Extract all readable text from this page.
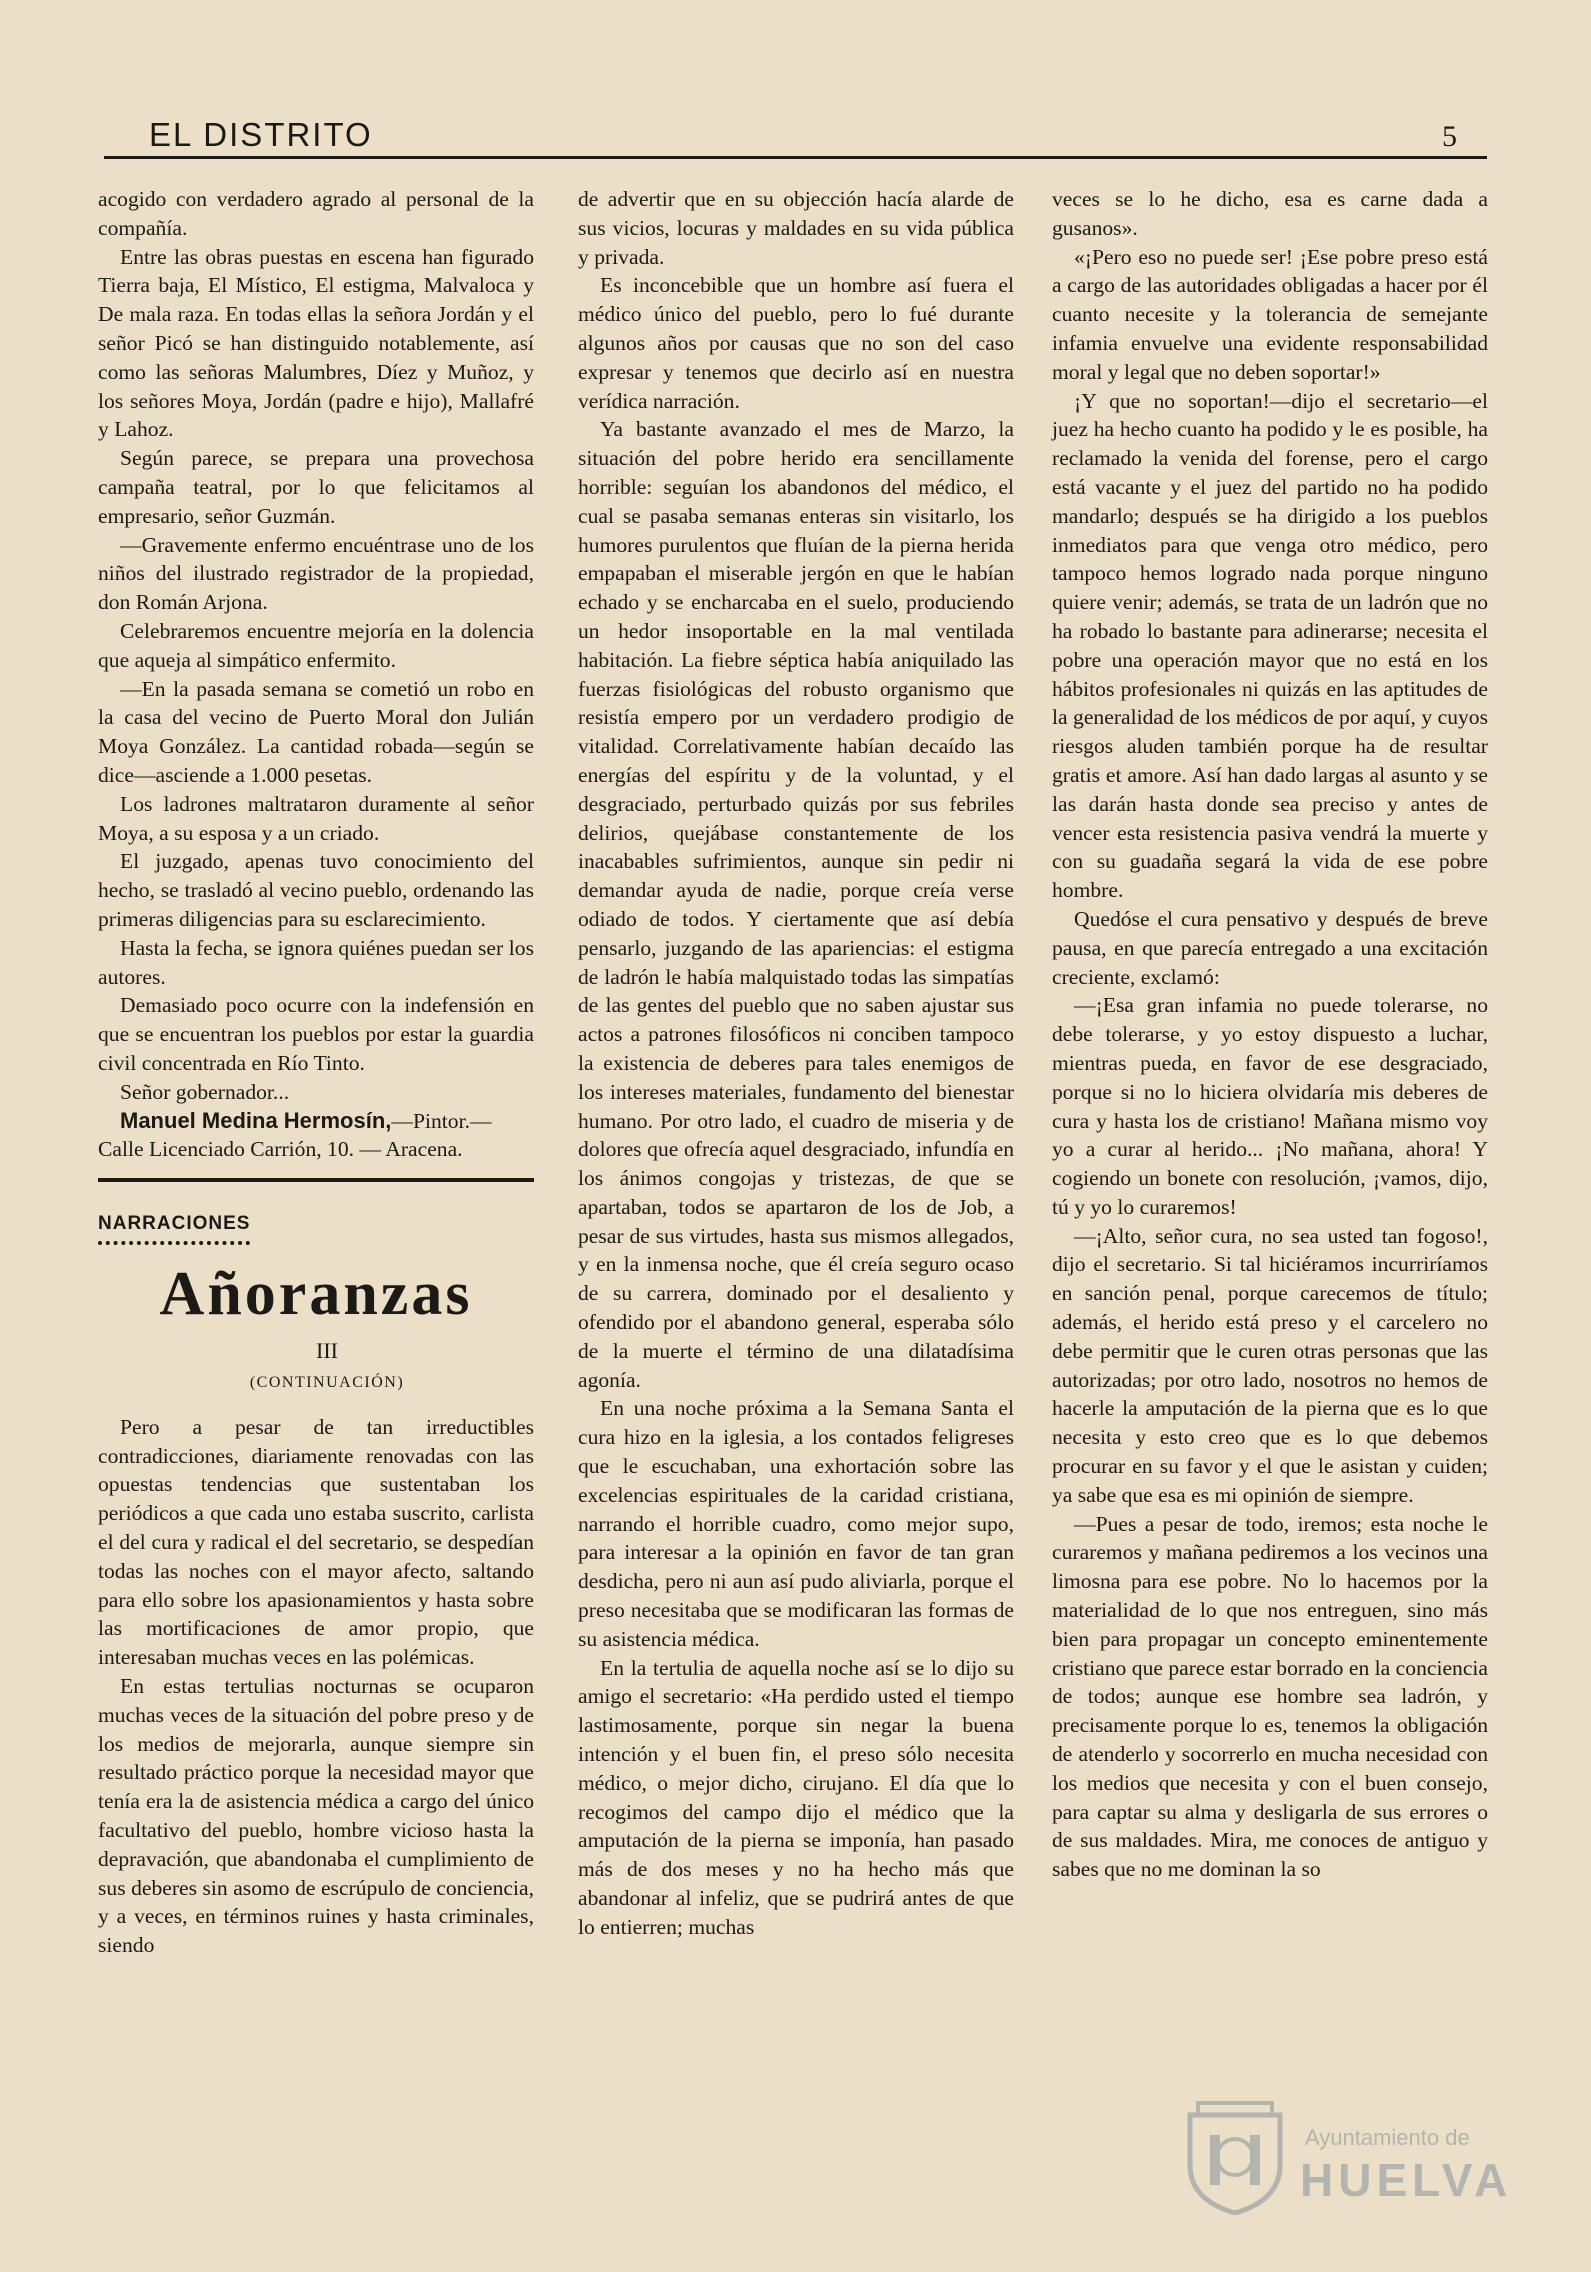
EL DISTRITO	5

acogido con verdadero agrado al personal de la compañía.

Entre las obras puestas en escena han figurado Tierra baja, El Místico, El estigma, Malvaloca y De mala raza. En todas ellas la señora Jordán y el señor Picó se han distinguido notablemente, así como las señoras Malumbres, Díez y Muñoz, y los señores Moya, Jordán (padre e hijo), Mallafré y Lahoz.

Según parece, se prepara una provechosa campaña teatral, por lo que felicitamos al empresario, señor Guzmán.

—Gravemente enfermo encuéntrase uno de los niños del ilustrado registrador de la propiedad, don Román Arjona.

Celebraremos encuentre mejoría en la dolencia que aqueja al simpático enfermito.

—En la pasada semana se cometió un robo en la casa del vecino de Puerto Moral don Julián Moya González. La cantidad robada—según se dice—asciende a 1.000 pesetas.

Los ladrones maltrataron duramente al señor Moya, a su esposa y a un criado.

El juzgado, apenas tuvo conocimiento del hecho, se trasladó al vecino pueblo, ordenando las primeras diligencias para su esclarecimiento.

Hasta la fecha, se ignora quiénes puedan ser los autores.

Demasiado poco ocurre con la indefensión en que se encuentran los pueblos por estar la guardia civil concentrada en Río Tinto.

Señor gobernador...

Manuel Medina Hermosín,—Pintor.—

Calle Licenciado Carrión, 10. — Aracena.

NARRACIONES
Añoranzas

III

(CONTINUACIÓN)

Pero a pesar de tan irreductibles contradicciones, diariamente renovadas con las opuestas tendencias que sustentaban los periódicos a que cada uno estaba suscrito, carlista el del cura y radical el del secretario, se despedían todas las noches con el mayor afecto, saltando para ello sobre los apasionamientos y hasta sobre las mortificaciones de amor propio, que interesaban muchas veces en las polémicas.

En estas tertulias nocturnas se ocuparon muchas veces de la situación del pobre preso y de los medios de mejorarla, aunque siempre sin resultado práctico porque la necesidad mayor que tenía era la de asistencia médica a cargo del único facultativo del pueblo, hombre vicioso hasta la depravación, que abandonaba el cumplimiento de sus deberes sin asomo de escrúpulo de conciencia, y a veces, en términos ruines y hasta criminales, siendo

de advertir que en su objección hacía alarde de sus vicios, locuras y maldades en su vida pública y privada.

Es inconcebible que un hombre así fuera el médico único del pueblo, pero lo fué durante algunos años por causas que no son del caso expresar y tenemos que decirlo así en nuestra verídica narración.

Ya bastante avanzado el mes de Marzo, la situación del pobre herido era sencillamente horrible: seguían los abandonos del médico, el cual se pasaba semanas enteras sin visitarlo, los humores purulentos que fluían de la pierna herida empapaban el miserable jergón en que le habían echado y se encharcaba en el suelo, produciendo un hedor insoportable en la mal ventilada habitación. La fiebre séptica había aniquilado las fuerzas fisiológicas del robusto organismo que resistía empero por un verdadero prodigio de vitalidad. Correlativamente habían decaído las energías del espíritu y de la voluntad, y el desgraciado, perturbado quizás por sus febriles delirios, quejábase constantemente de los inacabables sufrimientos, aunque sin pedir ni demandar ayuda de nadie, porque creía verse odiado de todos. Y ciertamente que así debía pensarlo, juzgando de las apariencias: el estigma de ladrón le había malquistado todas las simpatías de las gentes del pueblo que no saben ajustar sus actos a patrones filosóficos ni conciben tampoco la existencia de deberes para tales enemigos de los intereses materiales, fundamento del bienestar humano. Por otro lado, el cuadro de miseria y de dolores que ofrecía aquel desgraciado, infundía en los ánimos congojas y tristezas, de que se apartaban, todos se apartaron de los de Job, a pesar de sus virtudes, hasta sus mismos allegados, y en la inmensa noche, que él creía seguro ocaso de su carrera, dominado por el desaliento y ofendido por el abandono general, esperaba sólo de la muerte el término de una dilatadísima agonía.

En una noche próxima a la Semana Santa el cura hizo en la iglesia, a los contados feligreses que le escuchaban, una exhortación sobre las excelencias espirituales de la caridad cristiana, narrando el horrible cuadro, como mejor supo, para interesar a la opinión en favor de tan gran desdicha, pero ni aun así pudo aliviarla, porque el preso necesitaba que se modificaran las formas de su asistencia médica.

En la tertulia de aquella noche así se lo dijo su amigo el secretario: «Ha perdido usted el tiempo lastimosamente, porque sin negar la buena intención y el buen fin, el preso sólo necesita médico, o mejor dicho, cirujano. El día que lo recogimos del campo dijo el médico que la amputación de la pierna se imponía, han pasado más de dos meses y no ha hecho más que abandonar al infeliz, que se pudrirá antes de que lo entierren; muchas

veces se lo he dicho, esa es carne dada a gusanos».

«¡Pero eso no puede ser! ¡Ese pobre preso está a cargo de las autoridades obligadas a hacer por él cuanto necesite y la tolerancia de semejante infamia envuelve una evidente responsabilidad moral y legal que no deben soportar!»

¡Y que no soportan!—dijo el secretario—el juez ha hecho cuanto ha podido y le es posible, ha reclamado la venida del forense, pero el cargo está vacante y el juez del partido no ha podido mandarlo; después se ha dirigido a los pueblos inmediatos para que venga otro médico, pero tampoco hemos logrado nada porque ninguno quiere venir; además, se trata de un ladrón que no ha robado lo bastante para adinerarse; necesita el pobre una operación mayor que no está en los hábitos profesionales ni quizás en las aptitudes de la generalidad de los médicos de por aquí, y cuyos riesgos aluden también porque ha de resultar gratis et amore. Así han dado largas al asunto y se las darán hasta donde sea preciso y antes de vencer esta resistencia pasiva vendrá la muerte y con su guadaña segará la vida de ese pobre hombre.

Quedóse el cura pensativo y después de breve pausa, en que parecía entregado a una excitación creciente, exclamó:

—¡Esa gran infamia no puede tolerarse, no debe tolerarse, y yo estoy dispuesto a luchar, mientras pueda, en favor de ese desgraciado, porque si no lo hiciera olvidaría mis deberes de cura y hasta los de cristiano! Mañana mismo voy yo a curar al herido... ¡No mañana, ahora! Y cogiendo un bonete con resolución, ¡vamos, dijo, tú y yo lo curaremos!

—¡Alto, señor cura, no sea usted tan fogoso!, dijo el secretario. Si tal hiciéramos incurriríamos en sanción penal, porque carecemos de título; además, el herido está preso y el carcelero no debe permitir que le curen otras personas que las autorizadas; por otro lado, nosotros no hemos de hacerle la amputación de la pierna que es lo que necesita y esto creo que es lo que debemos procurar en su favor y el que le asistan y cuiden; ya sabe que esa es mi opinión de siempre.

—Pues a pesar de todo, iremos; esta noche le curaremos y mañana pediremos a los vecinos una limosna para ese pobre. No lo hacemos por la materialidad de lo que nos entreguen, sino más bien para propagar un concepto eminentemente cristiano que parece estar borrado en la conciencia de todos; aunque ese hombre sea ladrón, y precisamente porque lo es, tenemos la obligación de atenderlo y socorrerlo en mucha necesidad con los medios que necesita y con el buen consejo, para captar su alma y desligarla de sus errores o de sus maldades. Mira, me conoces de antiguo y sabes que no me dominan la so

Ayuntamiento de
HUELVA
